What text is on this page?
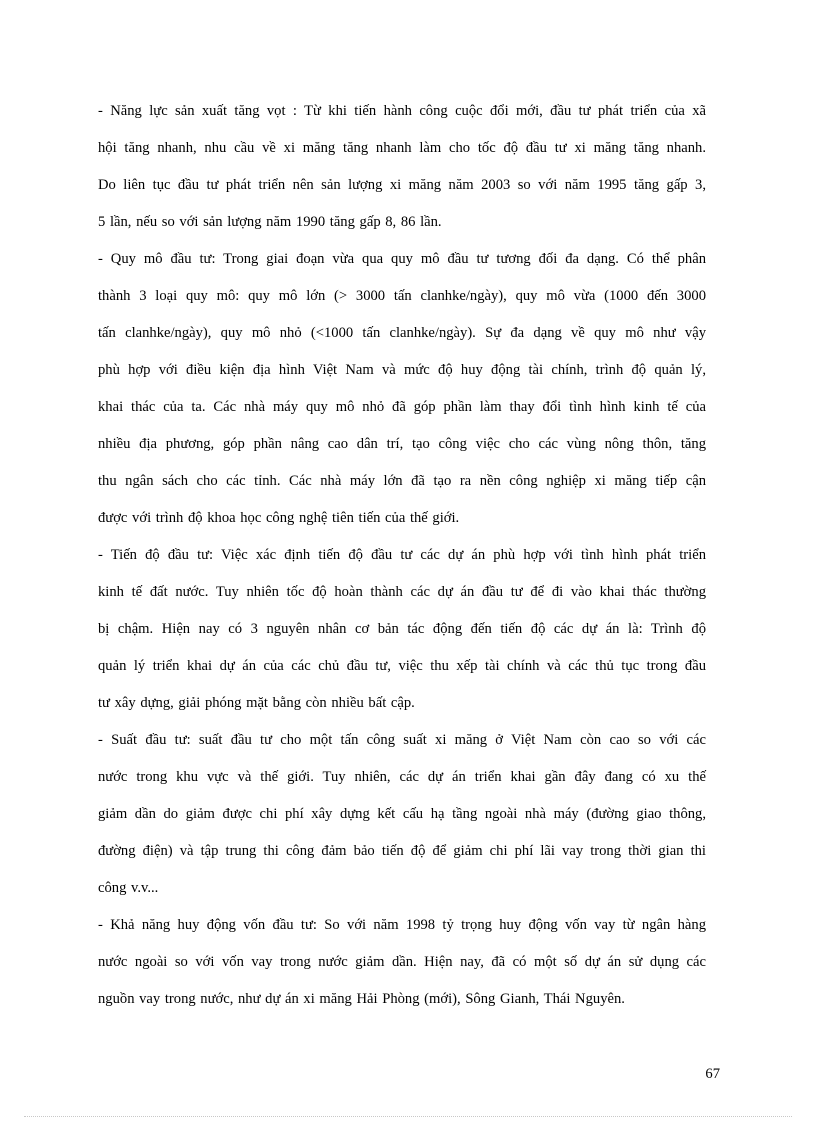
- Năng lực sản xuất tăng vọt : Từ khi tiến hành công cuộc đổi mới, đầu tư phát triển của xã
hội tăng nhanh, nhu cầu về xi măng tăng nhanh làm cho tốc độ đầu tư xi măng tăng nhanh.
Do liên tục đầu tư phát triển nên sản lượng xi măng năm 2003 so với năm 1995 tăng gấp 3,
5 lần, nếu so với sản lượng năm 1990 tăng gấp 8, 86 lần.
- Quy mô đầu tư: Trong giai đoạn vừa qua quy mô đầu tư tương đối đa dạng. Có thể phân
thành 3 loại quy mô: quy mô lớn (> 3000 tấn clanhke/ngày), quy mô vừa (1000 đến 3000
tấn clanhke/ngày), quy mô nhỏ (<1000 tấn clanhke/ngày). Sự đa dạng về quy mô như vậy
phù hợp với điều kiện địa hình Việt Nam và mức độ huy động tài chính, trình độ quản lý,
khai thác của ta. Các nhà máy quy mô nhỏ đã góp phần làm thay đổi tình hình kinh tế của
nhiều địa phương, góp phần nâng cao dân trí, tạo công việc cho các vùng nông thôn, tăng
thu ngân sách cho các tỉnh. Các nhà máy lớn đã tạo ra nền công nghiệp xi măng tiếp cận
được với trình độ khoa học công nghệ tiên tiến của thế giới.
- Tiến độ đầu tư: Việc xác định tiến độ đầu tư các dự án phù hợp với tình hình phát triển
kinh tế đất nước. Tuy nhiên tốc độ hoàn thành các dự án đầu tư để đi vào khai thác thường
bị chậm. Hiện nay có 3 nguyên nhân cơ bản tác động đến tiến độ các dự án là: Trình độ
quản lý triển khai dự án của các chủ đầu tư, việc thu xếp tài chính và các thủ tục trong đầu
tư xây dựng, giải phóng mặt bằng còn nhiều bất cập.
- Suất đầu tư: suất đầu tư cho một tấn công suất xi măng ở Việt Nam còn cao so với các
nước trong khu vực và thế giới. Tuy nhiên, các dự án triển khai gần đây đang có xu thế
giảm dần do giảm được chi phí xây dựng kết cấu hạ tầng ngoài nhà máy (đường giao thông,
đường điện) và tập trung thi công đảm bảo tiến độ để giảm chi phí lãi vay trong thời gian thi
công v.v...
- Khả năng huy động vốn đầu tư: So với năm 1998 tỷ trọng huy động vốn vay từ ngân hàng
nước ngoài so với vốn vay trong nước giảm dần. Hiện nay, đã có một số dự án sử dụng các
nguồn vay trong nước, như dự án xi măng Hải Phòng (mới), Sông Gianh, Thái Nguyên.
67
